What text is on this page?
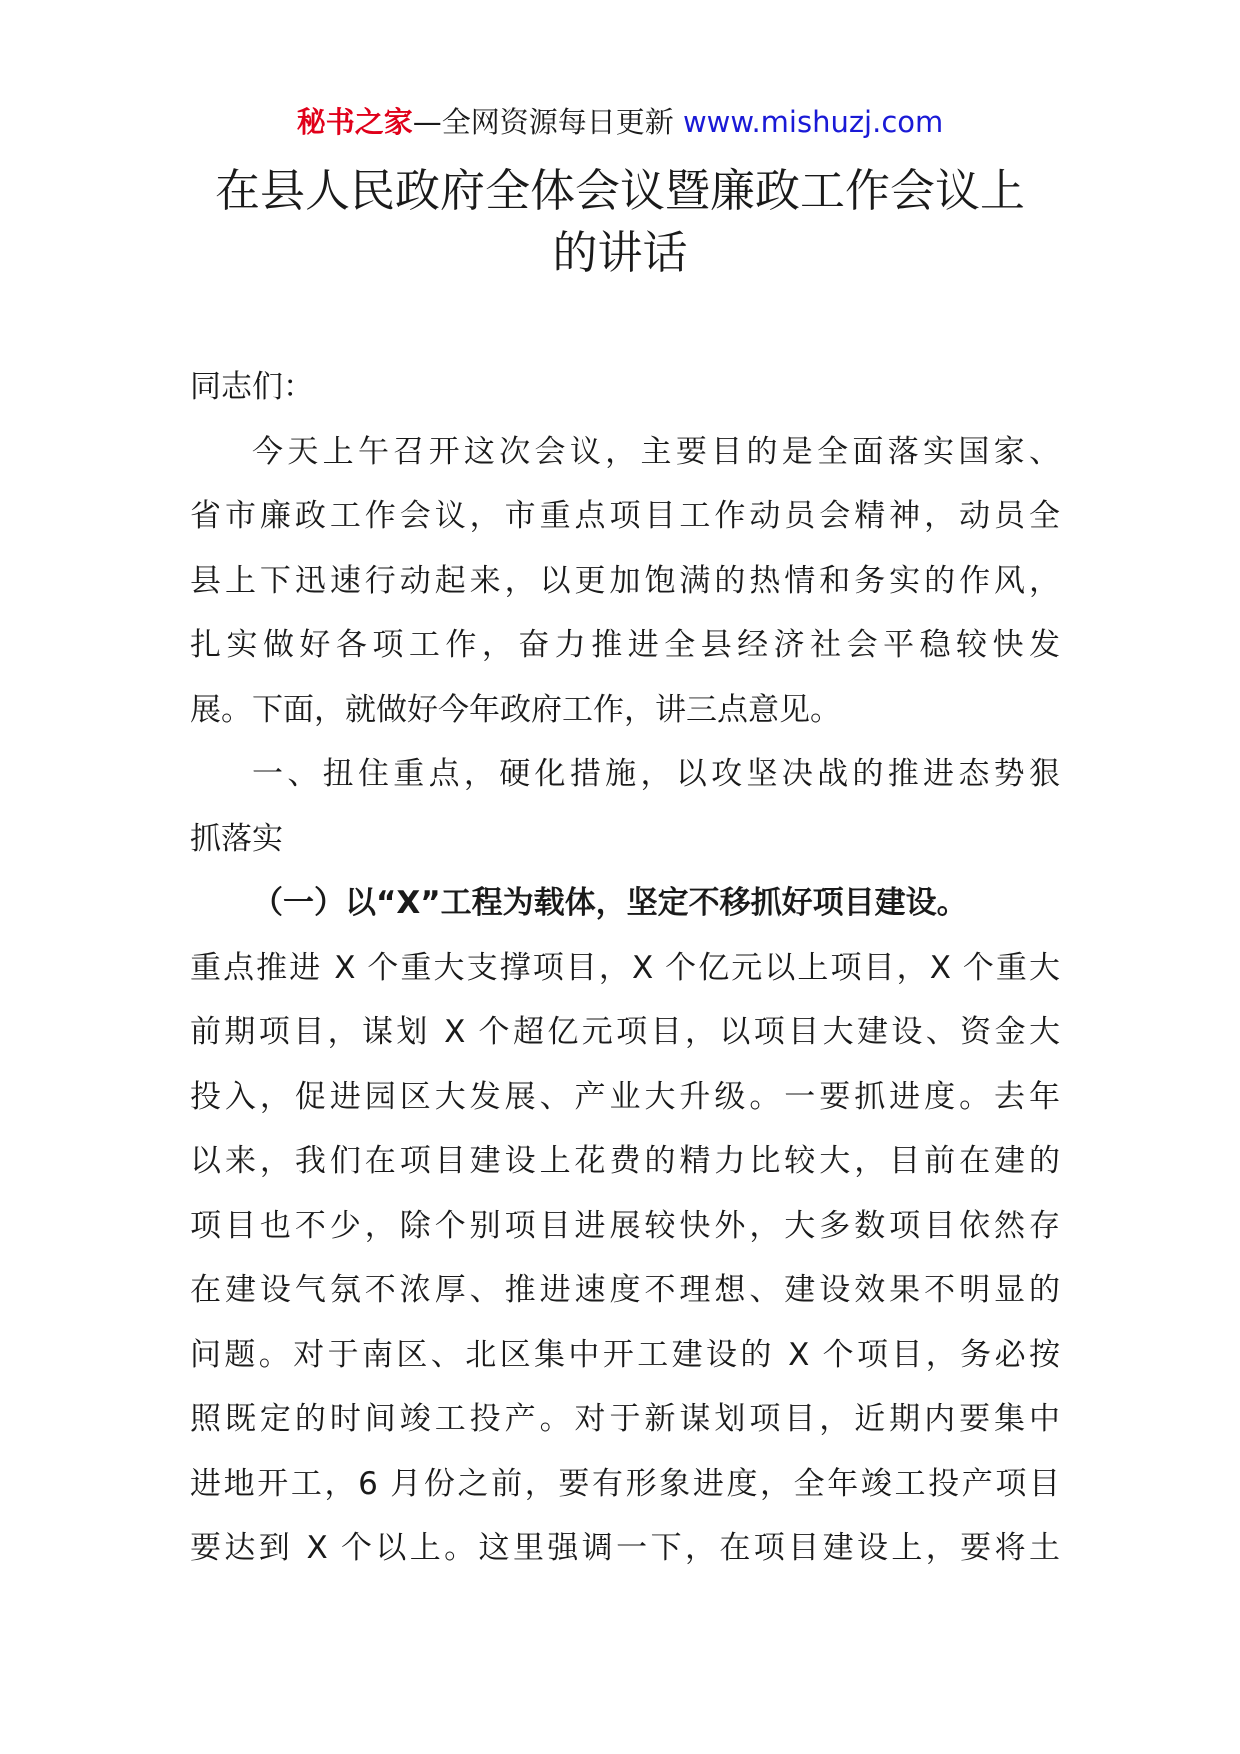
秘书之家—全网资源每日更新 www.mishuzj.com
在县人民政府全体会议暨廉政工作会议上
的讲话
同志们：
今天上午召开这次会议，主要目的是全面落实国家、
省市廉政工作会议，市重点项目工作动员会精神，动员全
县上下迅速行动起来，以更加饱满的热情和务实的作风，
扎实做好各项工作，奋力推进全县经济社会平稳较快发
展。下面，就做好今年政府工作，讲三点意见。
一、扭住重点，硬化措施，以攻坚决战的推进态势狠
抓落实
（一）以“X”工程为载体，坚定不移抓好项目建设。
重点推进 X 个重大支撑项目，X 个亿元以上项目，X 个重大
前期项目，谋划 X 个超亿元项目，以项目大建设、资金大
投入，促进园区大发展、产业大升级。一要抓进度。去年
以来，我们在项目建设上花费的精力比较大，目前在建的
项目也不少，除个别项目进展较快外，大多数项目依然存
在建设气氛不浓厚、推进速度不理想、建设效果不明显的
问题。对于南区、北区集中开工建设的 X 个项目，务必按
照既定的时间竣工投产。对于新谋划项目，近期内要集中
进地开工，6 月份之前，要有形象进度，全年竣工投产项目
要达到 X 个以上。这里强调一下，在项目建设上，要将土
